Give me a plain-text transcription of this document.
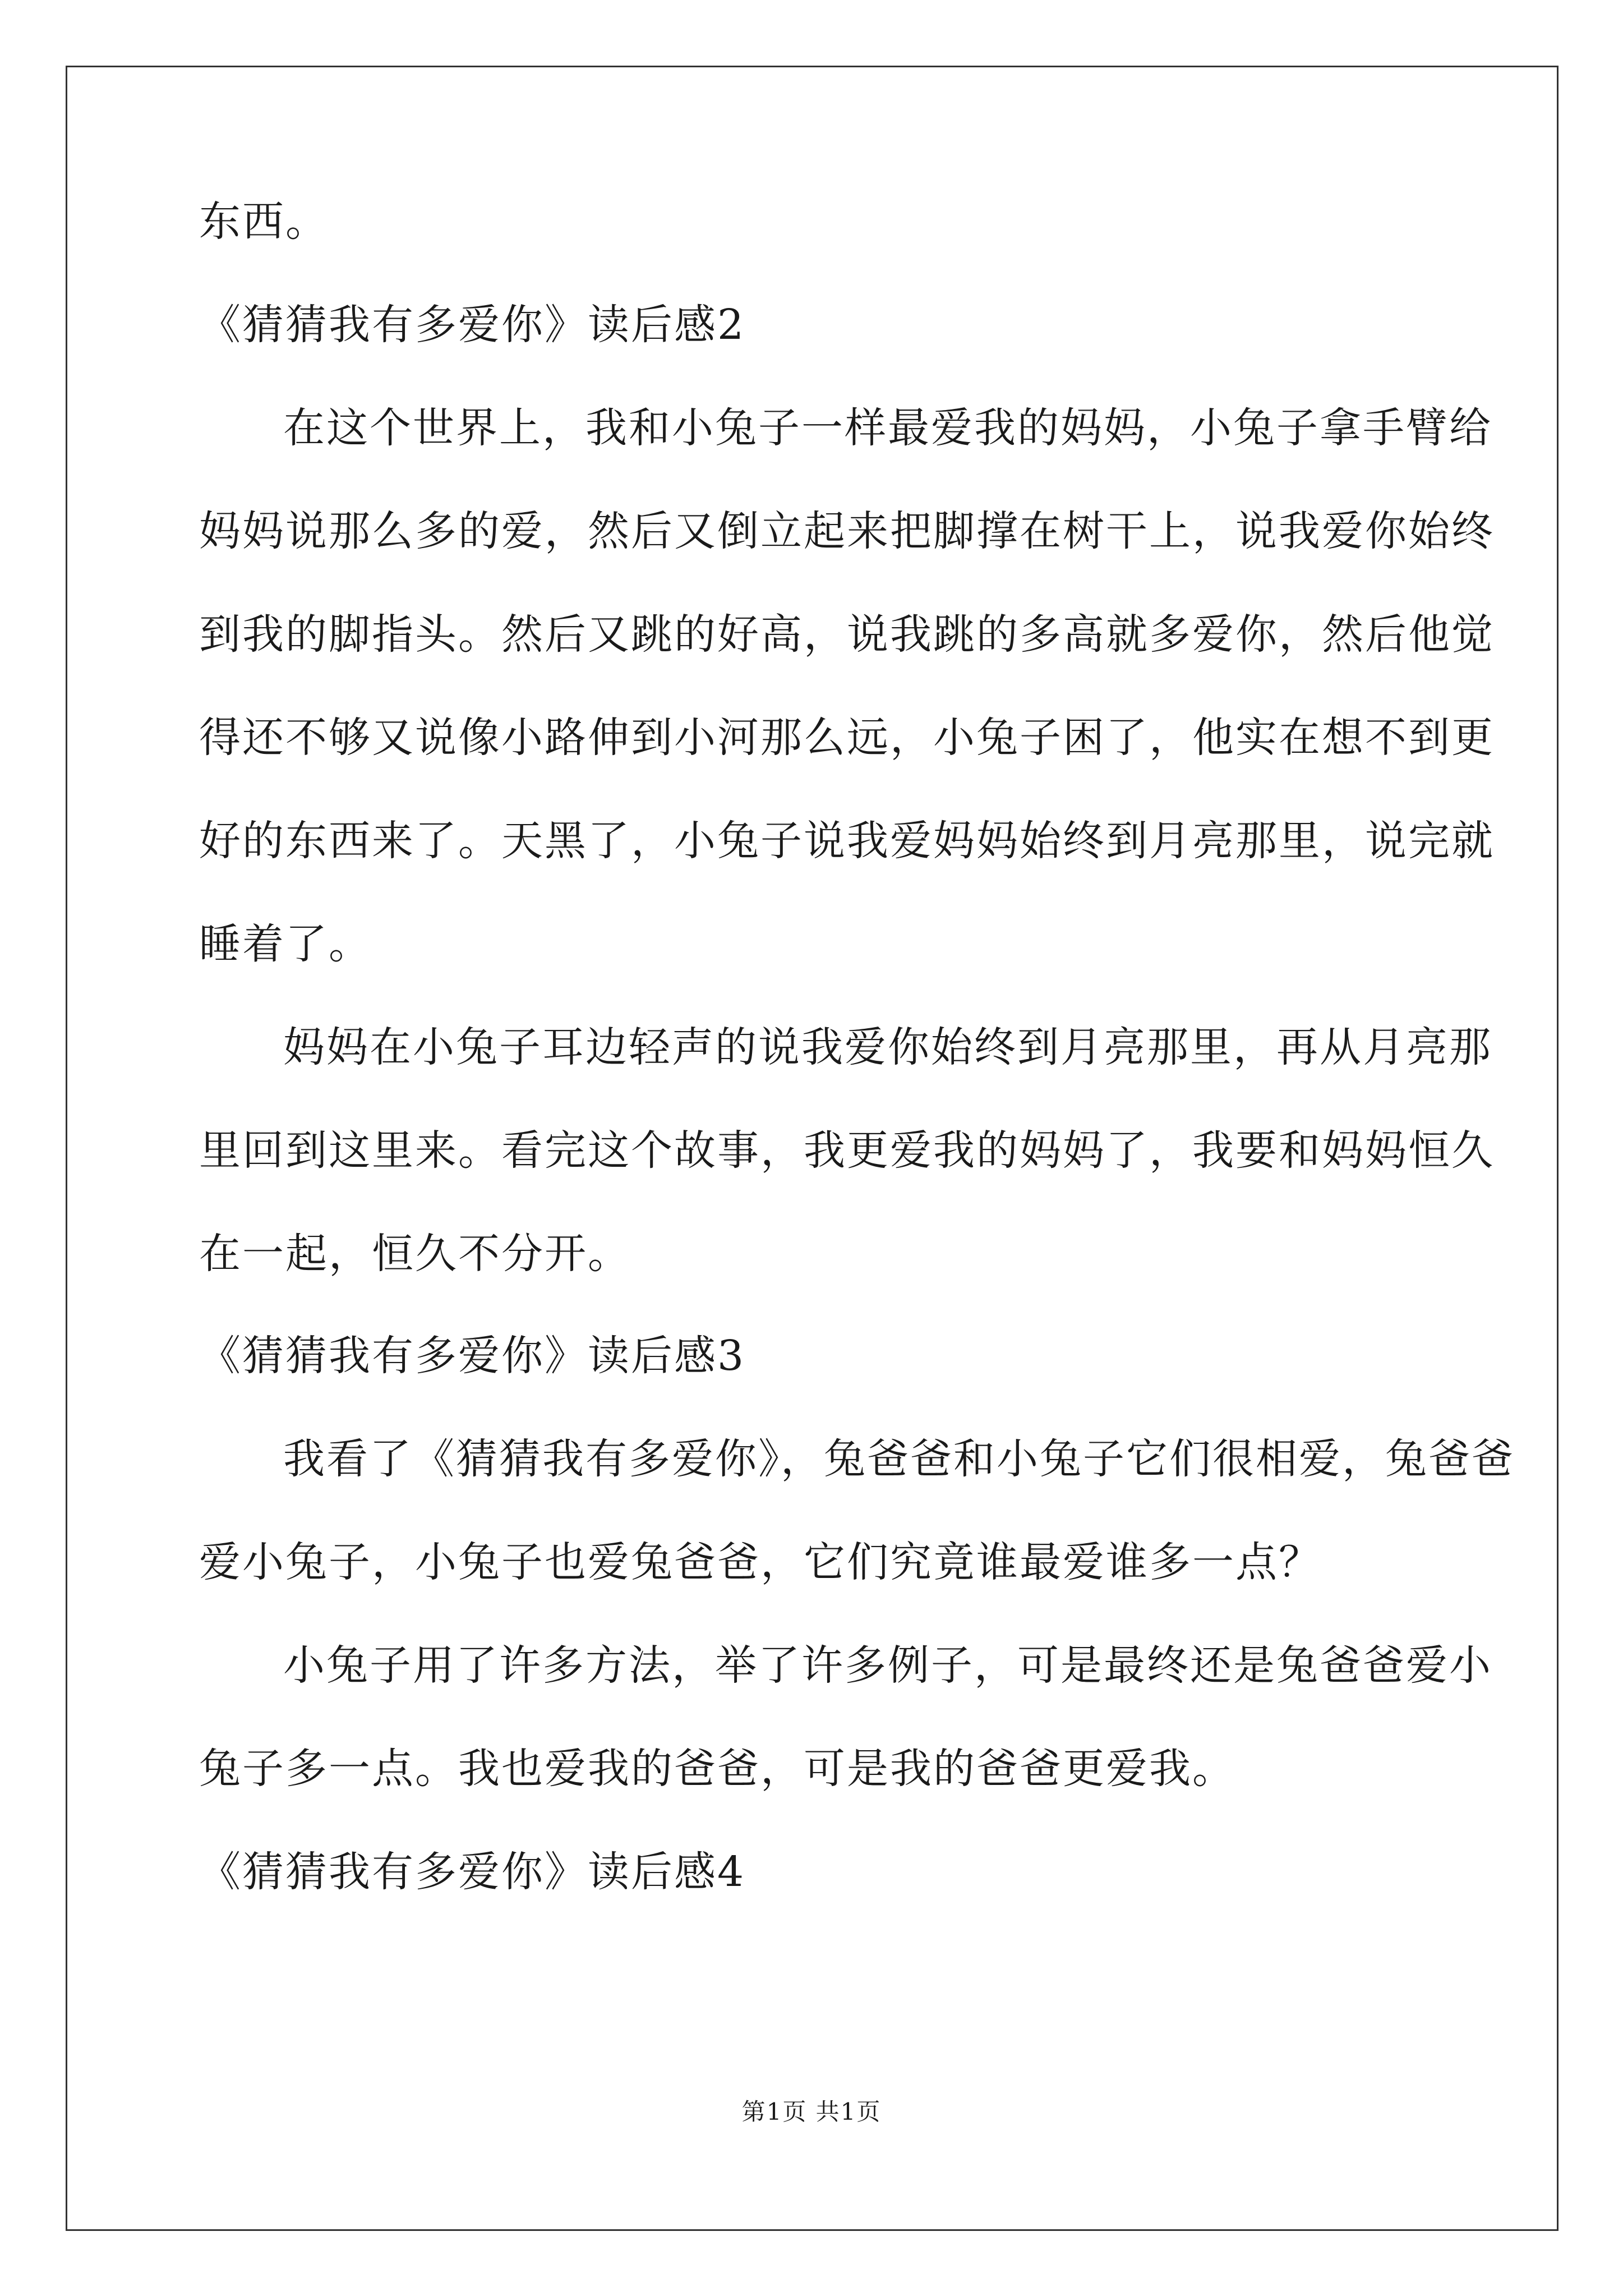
东西。
《猜猜我有多爱你》读后感2
在这个世界上，我和小兔子一样最爱我的妈妈，小兔子拿手臂给
妈妈说那么多的爱，然后又倒立起来把脚撑在树干上，说我爱你始终
到我的脚指头。然后又跳的好高，说我跳的多高就多爱你，然后他觉
得还不够又说像小路伸到小河那么远，小兔子困了，他实在想不到更
好的东西来了。天黑了，小兔子说我爱妈妈始终到月亮那里，说完就
睡着了。
妈妈在小兔子耳边轻声的说我爱你始终到月亮那里，再从月亮那
里回到这里来。看完这个故事，我更爱我的妈妈了，我要和妈妈恒久
在一起，恒久不分开。
《猜猜我有多爱你》读后感3
我看了《猜猜我有多爱你》，兔爸爸和小兔子它们很相爱，兔爸爸
爱小兔子，小兔子也爱兔爸爸，它们究竟谁最爱谁多一点？
小兔子用了许多方法，举了许多例子，可是最终还是兔爸爸爱小
兔子多一点。我也爱我的爸爸，可是我的爸爸更爱我。
《猜猜我有多爱你》读后感4
第1页 共1页
